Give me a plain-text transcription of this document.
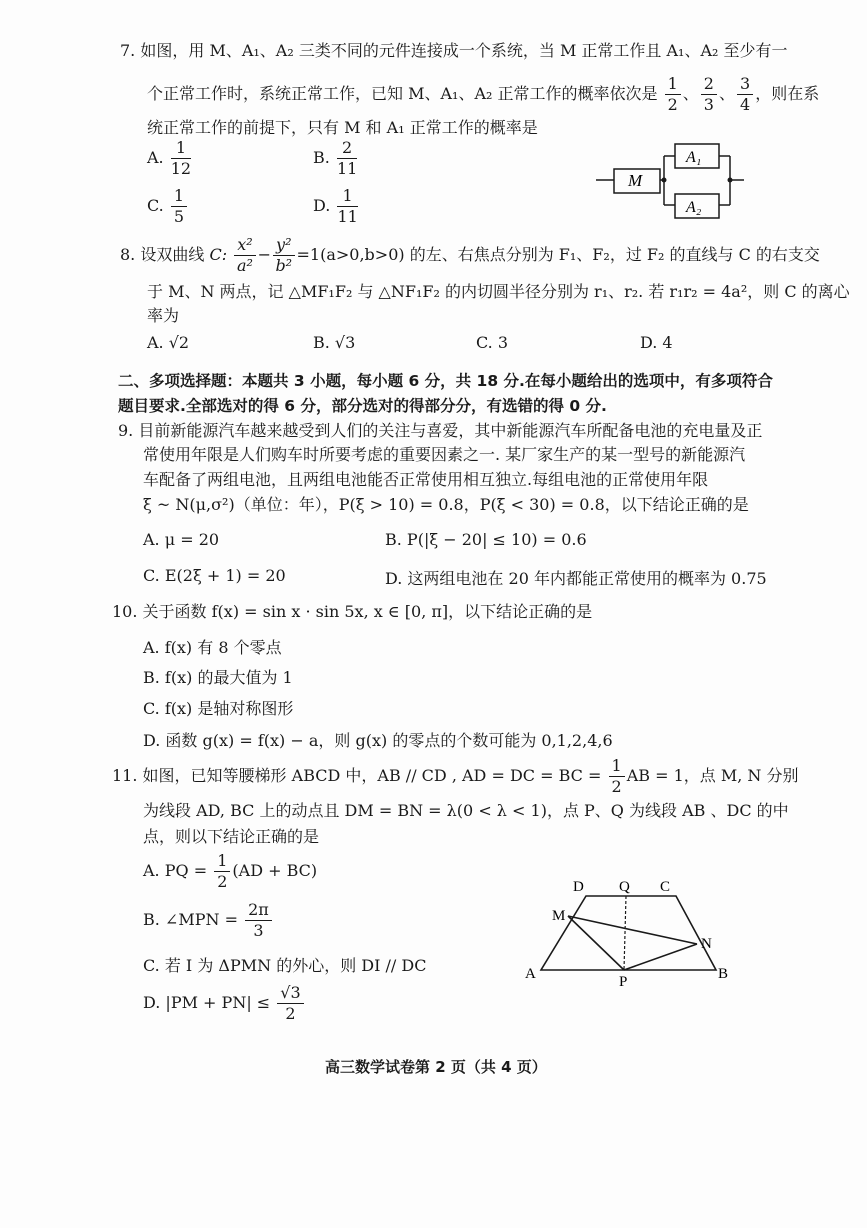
7. 如图，用 M、A₁、A₂ 三类不同的元件连接成一个系统，当 M 正常工作且 A₁、A₂ 至少有一
个正常工作时，系统正常工作，已知 M、A₁、A₂ 正常工作的概率依次是 $\frac{1}{2}$ 、 $\frac{2}{3}$ 、 $\frac{3}{4}$ ，则在系
统正常工作的前提下，只有 M 和 A₁ 正常工作的概率是
A. $\frac{1}{12}$	B. $\frac{2}{11}$
C. $\frac{1}{5}$	D. $\frac{1}{11}$
M
A₁
A₂
8. 设双曲线 C: $\frac{\text{x²}}{\text{a²}} - \frac{\text{y²}}{\text{b²}} =1(a>0,b>0)$ 的左、右焦点分别为 F₁、F₂，过 F₂ 的直线与 C 的右支交
于 M、N 两点，记 △MF₁F₂ 与 △NF₁F₂ 的内切圆半径分别为 r₁、r₂. 若 r₁r₂ = 4a²，则 C 的离心
率为
A. √2	B. √3	C. 3	D. 4
二、多项选择题：本题共 3 小题，每小题 6 分，共 18 分.在每小题给出的选项中，有多项符合
题目要求.全部选对的得 6 分，部分选对的得部分分，有选错的得 0 分.
9. 目前新能源汽车越来越受到人们的关注与喜爱，其中新能源汽车所配备电池的充电量及正
常使用年限是人们购车时所要考虑的重要因素之一. 某厂家生产的某一型号的新能源汽
车配备了两组电池，且两组电池能否正常使用相互独立.每组电池的正常使用年限
ξ ~ N(μ,σ²)（单位：年），P(ξ > 10) = 0.8，P(ξ < 30) = 0.8，以下结论正确的是
A. μ = 20	B. P(|ξ − 20| ≤ 10) = 0.6
C. E(2ξ + 1) = 20	D. 这两组电池在 20 年内都能正常使用的概率为 0.75
10. 关于函数 f(x) = sin x · sin 5x, x ∈ [0, π]，以下结论正确的是
A. f(x) 有 8 个零点
B. f(x) 的最大值为 1
C. f(x) 是轴对称图形
D. 函数 g(x) = f(x) − a，则 g(x) 的零点的个数可能为 0,1,2,4,6
11. 如图，已知等腰梯形 ABCD 中，AB // CD , AD = DC = BC = $\frac{1}{2}$ AB = 1，点 M, N 分别
为线段 AD, BC 上的动点且 DM = BN = λ(0 < λ < 1)，点 P、Q 为线段 AB 、DC 的中
点，则以下结论正确的是
A. PQ = $\frac{1}{2} (AD + BC)$
B. ∠MPN = $\frac{2\pi}{3}$
C. 若 I 为 ΔPMN 的外心，则 DI // DC
D. $|PM + PN| \le \frac{√3}{2}$
A	B
C
D
M
N
P
Q
高三数学试卷第 2 页（共 4 页）
